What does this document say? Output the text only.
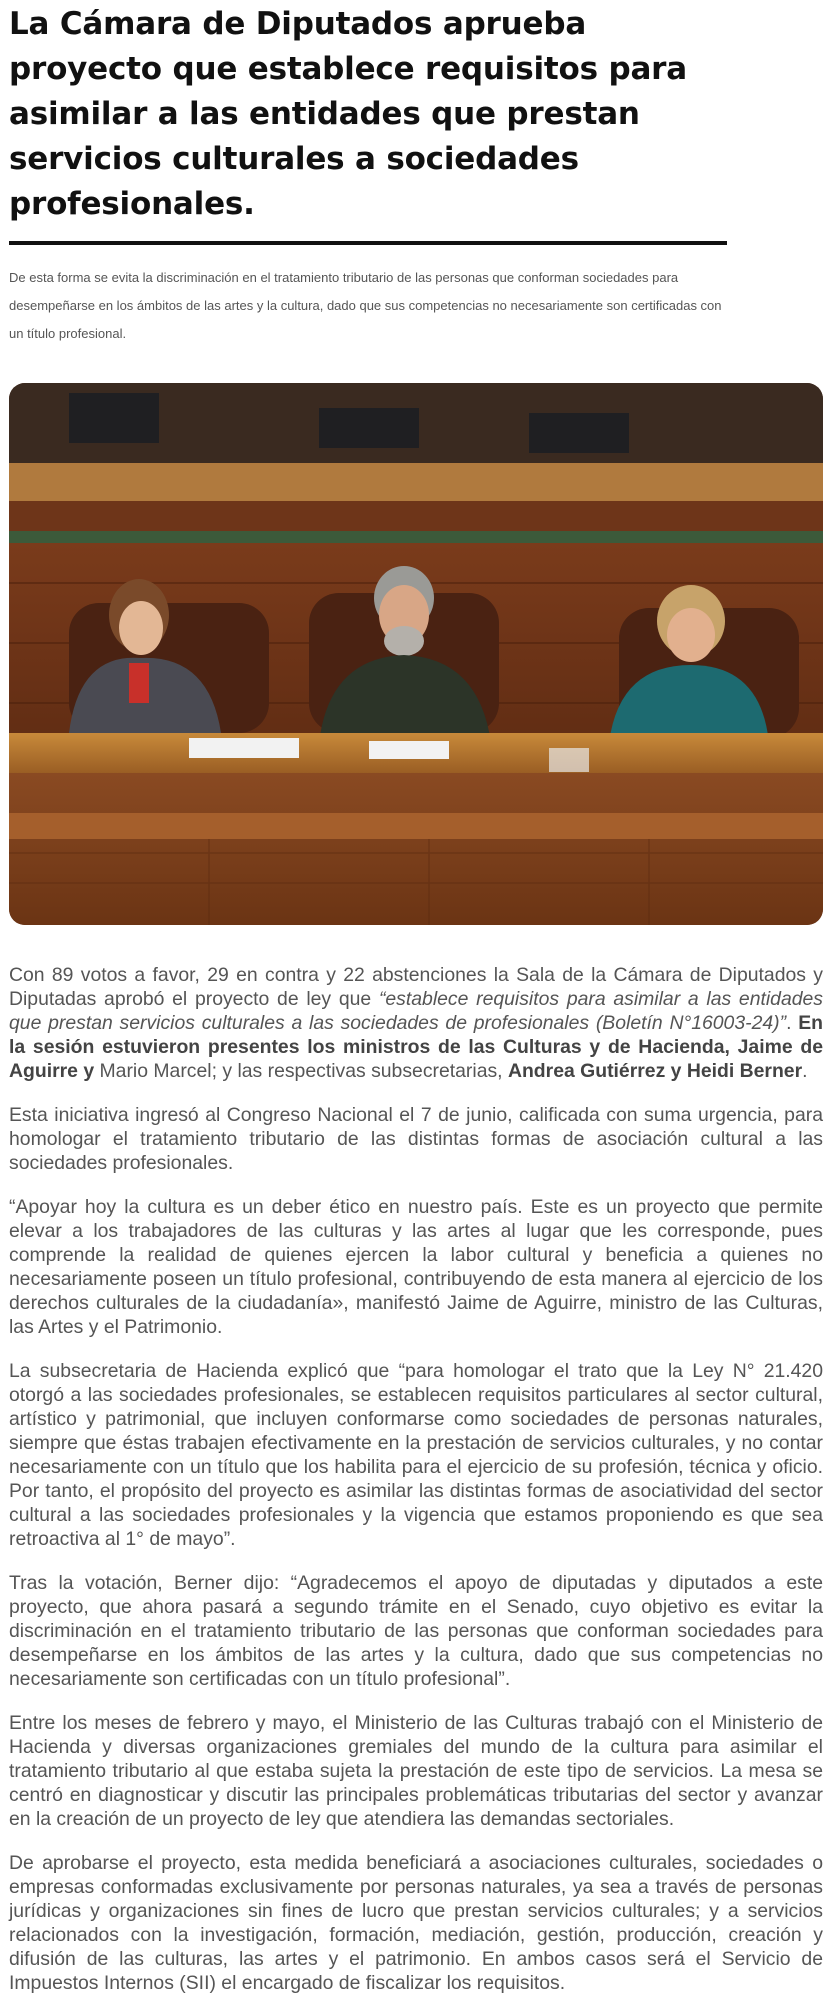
La Cámara de Diputados aprueba proyecto que establece requisitos para asimilar a las entidades que prestan servicios culturales a sociedades profesionales.

De esta forma se evita la discriminación en el tratamiento tributario de las personas que conforman sociedades para desempeñarse en los ámbitos de las artes y la cultura, dado que sus competencias no necesariamente son certificadas con un título profesional.

Con 89 votos a favor, 29 en contra y 22 abstenciones la Sala de la Cámara de Diputados y Diputadas aprobó el proyecto de ley que “establece requisitos para asimilar a las entidades que prestan servicios culturales a las sociedades de profesionales (Boletín N°16003-24)”. En la sesión estuvieron presentes los ministros de las Culturas y de Hacienda, Jaime de Aguirre y Mario Marcel; y las respectivas subsecretarias, Andrea Gutiérrez y Heidi Berner.

Esta iniciativa ingresó al Congreso Nacional el 7 de junio, calificada con suma urgencia, para homologar el tratamiento tributario de las distintas formas de asociación cultural a las sociedades profesionales.

“Apoyar hoy la cultura es un deber ético en nuestro país. Este es un proyecto que permite elevar a los trabajadores de las culturas y las artes al lugar que les corresponde, pues comprende la realidad de quienes ejercen la labor cultural y beneficia a quienes no necesariamente poseen un título profesional, contribuyendo de esta manera al ejercicio de los derechos culturales de la ciudadanía», manifestó Jaime de Aguirre, ministro de las Culturas, las Artes y el Patrimonio.

La subsecretaria de Hacienda explicó que “para homologar el trato que la Ley N° 21.420 otorgó a las sociedades profesionales, se establecen requisitos particulares al sector cultural, artístico y patrimonial, que incluyen conformarse como sociedades de personas naturales, siempre que éstas trabajen efectivamente en la prestación de servicios culturales, y no contar necesariamente con un título que los habilita para el ejercicio de su profesión, técnica y oficio. Por tanto, el propósito del proyecto es asimilar las distintas formas de asociatividad del sector cultural a las sociedades profesionales y la vigencia que estamos proponiendo es que sea retroactiva al 1° de mayo”.

Tras la votación, Berner dijo: “Agradecemos el apoyo de diputadas y diputados a este proyecto, que ahora pasará a segundo trámite en el Senado, cuyo objetivo es evitar la discriminación en el tratamiento tributario de las personas que conforman sociedades para desempeñarse en los ámbitos de las artes y la cultura, dado que sus competencias no necesariamente son certificadas con un título profesional”.

Entre los meses de febrero y mayo, el Ministerio de las Culturas trabajó con el Ministerio de Hacienda y diversas organizaciones gremiales del mundo de la cultura para asimilar el tratamiento tributario al que estaba sujeta la prestación de este tipo de servicios. La mesa se centró en diagnosticar y discutir las principales problemáticas tributarias del sector y avanzar en la creación de un proyecto de ley que atendiera las demandas sectoriales.

De aprobarse el proyecto, esta medida beneficiará a asociaciones culturales, sociedades o empresas conformadas exclusivamente por personas naturales, ya sea a través de personas jurídicas y organizaciones sin fines de lucro que prestan servicios culturales; y a servicios relacionados con la investigación, formación, mediación, gestión, producción, creación y difusión de las culturas, las artes y el patrimonio. En ambos casos será el Servicio de Impuestos Internos (SII) el encargado de fiscalizar los requisitos.
